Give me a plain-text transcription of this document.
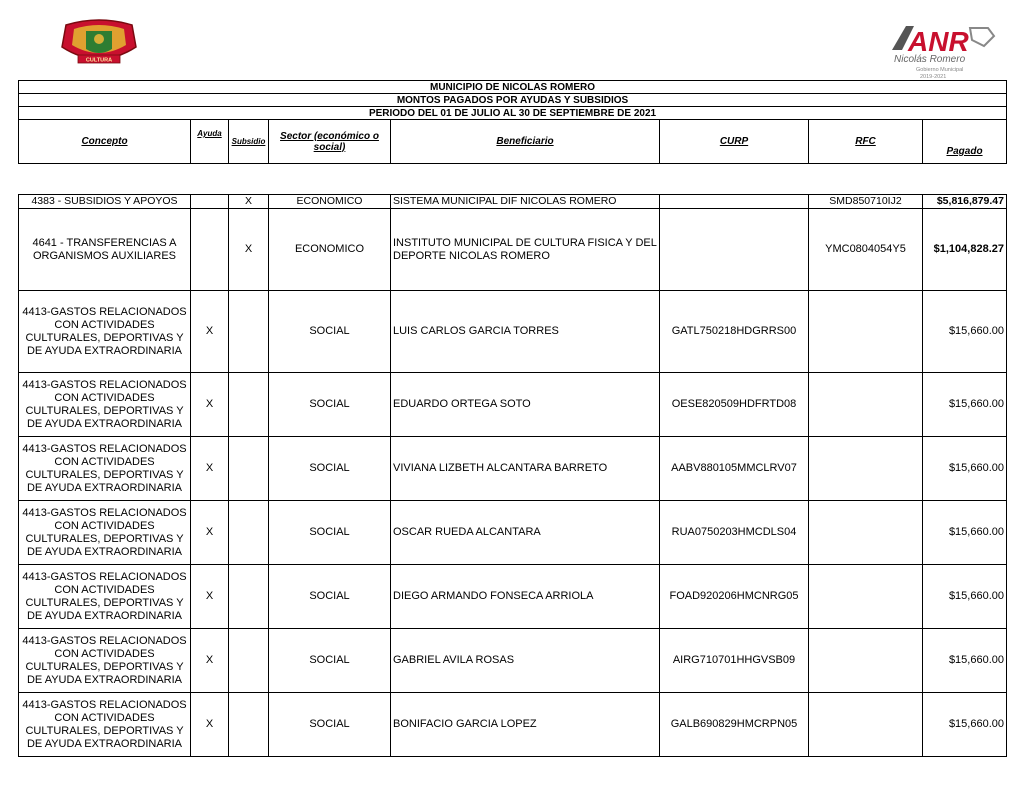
CULTURA
ANR
Nicolás Romero
Gobierno Municipal
2019-2021
MUNICIPIO DE NICOLAS ROMERO
MONTOS PAGADOS POR AYUDAS Y SUBSIDIOS
PERIODO DEL 01 DE JULIO AL 30 DE SEPTIEMBRE DE 2021
Concepto	Ayuda	Subsidio	Sector (económico o social)	Beneficiario	CURP	RFC	Pagado
4383 - SUBSIDIOS Y APOYOS		X	ECONOMICO	SISTEMA MUNICIPAL DIF NICOLAS ROMERO		SMD850710IJ2	$5,816,879.47
4641 - TRANSFERENCIAS A ORGANISMOS AUXILIARES		X	ECONOMICO	INSTITUTO MUNICIPAL DE CULTURA FISICA Y DEL DEPORTE NICOLAS ROMERO		YMC0804054Y5	$1,104,828.27
4413-GASTOS RELACIONADOS CON ACTIVIDADES CULTURALES, DEPORTIVAS Y DE AYUDA EXTRAORDINARIA	X		SOCIAL	LUIS CARLOS GARCIA TORRES	GATL750218HDGRRS00		$15,660.00
4413-GASTOS RELACIONADOS CON ACTIVIDADES CULTURALES, DEPORTIVAS Y DE AYUDA EXTRAORDINARIA	X		SOCIAL	EDUARDO ORTEGA SOTO	OESE820509HDFRTD08		$15,660.00
4413-GASTOS RELACIONADOS CON ACTIVIDADES CULTURALES, DEPORTIVAS Y DE AYUDA EXTRAORDINARIA	X		SOCIAL	VIVIANA LIZBETH ALCANTARA BARRETO	AABV880105MMCLRV07		$15,660.00
4413-GASTOS RELACIONADOS CON ACTIVIDADES CULTURALES, DEPORTIVAS Y DE AYUDA EXTRAORDINARIA	X		SOCIAL	OSCAR RUEDA ALCANTARA	RUA0750203HMCDLS04		$15,660.00
4413-GASTOS RELACIONADOS CON ACTIVIDADES CULTURALES, DEPORTIVAS Y DE AYUDA EXTRAORDINARIA	X		SOCIAL	DIEGO ARMANDO FONSECA ARRIOLA	FOAD920206HMCNRG05		$15,660.00
4413-GASTOS RELACIONADOS CON ACTIVIDADES CULTURALES, DEPORTIVAS Y DE AYUDA EXTRAORDINARIA	X		SOCIAL	GABRIEL AVILA ROSAS	AIRG710701HHGVSB09		$15,660.00
4413-GASTOS RELACIONADOS CON ACTIVIDADES CULTURALES, DEPORTIVAS Y DE AYUDA EXTRAORDINARIA	X		SOCIAL	BONIFACIO GARCIA LOPEZ	GALB690829HMCRPN05		$15,660.00
